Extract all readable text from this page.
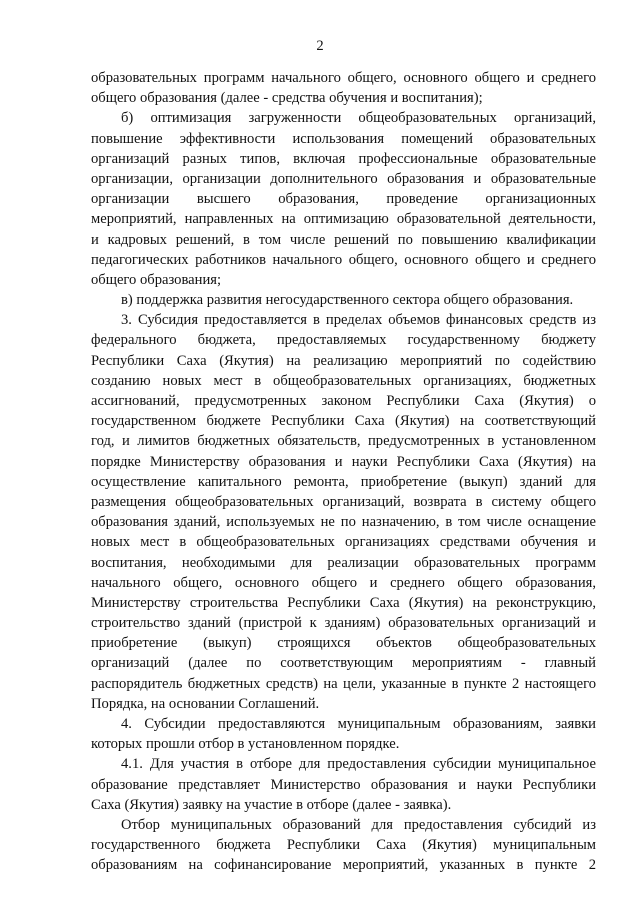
2
образовательных программ начального общего, основного общего и среднего
общего образования (далее - средства обучения и воспитания);
б) оптимизация загруженности общеобразовательных организаций,
повышение эффективности использования помещений образовательных
организаций разных типов, включая профессиональные образовательные
организации, организации дополнительного образования и образовательные
организации высшего образования, проведение организационных
мероприятий, направленных на оптимизацию образовательной деятельности,
и кадровых решений, в том числе решений по повышению квалификации
педагогических работников начального общего, основного общего и среднего
общего образования;
в) поддержка развития негосударственного сектора общего образования.
3. Субсидия предоставляется в пределах объемов финансовых средств из
федерального бюджета, предоставляемых государственному бюджету
Республики Саха (Якутия) на реализацию мероприятий по содействию
созданию новых мест в общеобразовательных организациях, бюджетных
ассигнований, предусмотренных законом Республики Саха (Якутия) о
государственном бюджете Республики Саха (Якутия) на соответствующий
год, и лимитов бюджетных обязательств, предусмотренных в установленном
порядке Министерству образования и науки Республики Саха (Якутия) на
осуществление капитального ремонта, приобретение (выкуп) зданий для
размещения общеобразовательных организаций, возврата в систему общего
образования зданий, используемых не по назначению, в том числе оснащение
новых мест в общеобразовательных организациях средствами обучения и
воспитания, необходимыми для реализации образовательных программ
начального общего, основного общего и среднего общего образования,
Министерству строительства Республики Саха (Якутия) на реконструкцию,
строительство зданий (пристрой к зданиям) образовательных организаций и
приобретение (выкуп) строящихся объектов общеобразовательных
организаций (далее по соответствующим мероприятиям - главный
распорядитель бюджетных средств) на цели, указанные в пункте 2 настоящего
Порядка, на основании Соглашений.
4. Субсидии предоставляются муниципальным образованиям, заявки
которых прошли отбор в установленном порядке.
4.1. Для участия в отборе для предоставления субсидии муниципальное
образование представляет Министерство образования и науки Республики
Саха (Якутия) заявку на участие в отборе (далее - заявка).
Отбор муниципальных образований для предоставления субсидий из
государственного бюджета Республики Саха (Якутия) муниципальным
образованиям на софинансирование мероприятий, указанных в пункте 2
